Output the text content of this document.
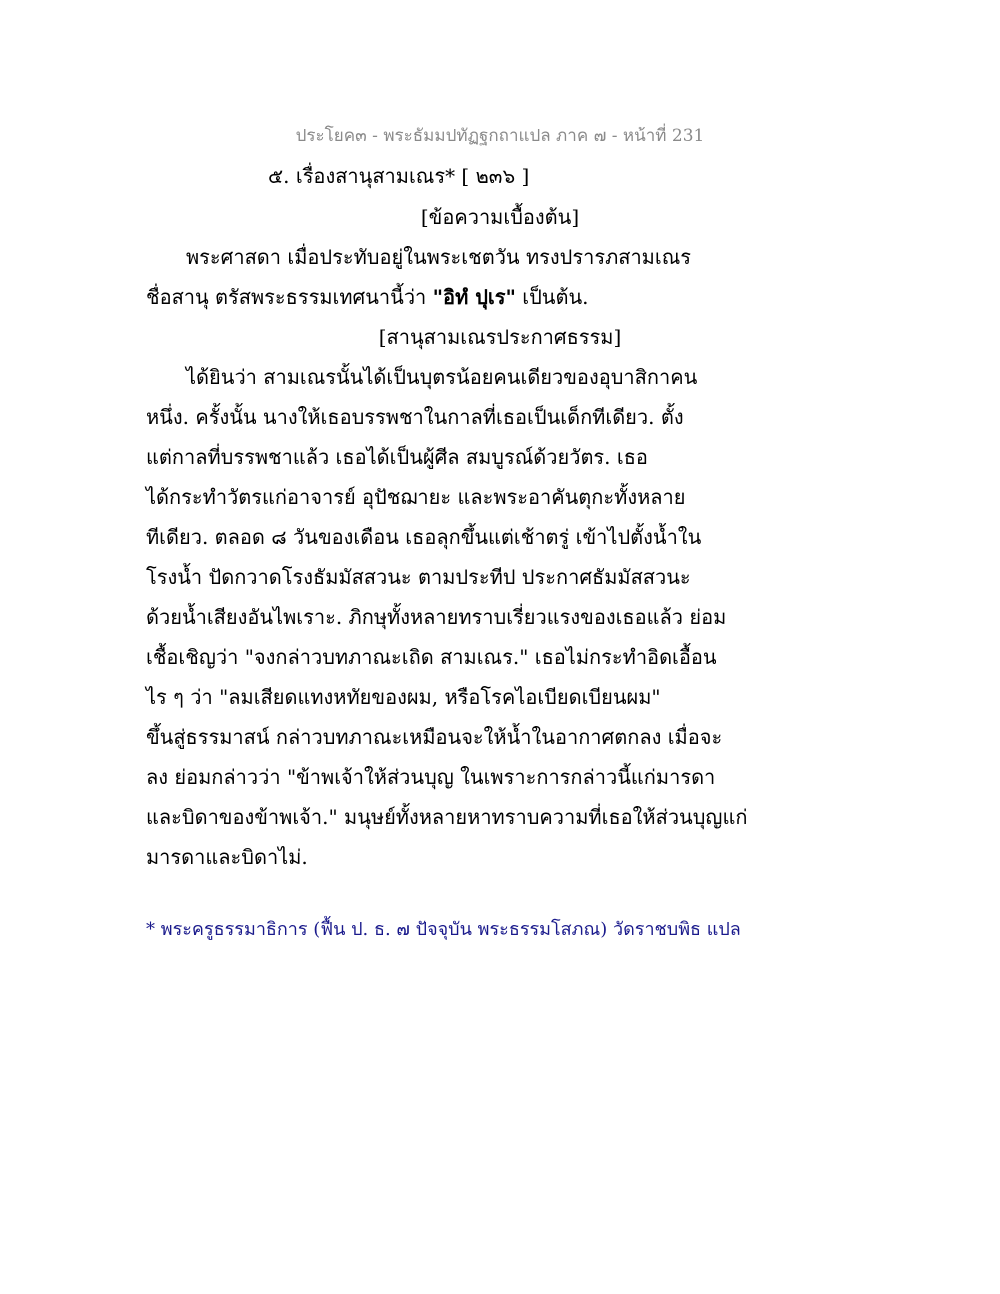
ประโยค๓ - พระธัมมปทัฏฐกถาแปล ภาค ๗ - หน้าที่ 231
๕. เรื่องสานุสามเณร* [ ๒๓๖ ]
[ข้อความเบื้องต้น]
พระศาสดา เมื่อประทับอยู่ในพระเชตวัน ทรงปรารภสามเณร
ชื่อสานุ ตรัสพระธรรมเทศนานี้ว่า "อิทํ ปุเร" เป็นต้น.
[สานุสามเณรประกาศธรรม]
ได้ยินว่า สามเณรนั้นได้เป็นบุตรน้อยคนเดียวของอุบาสิกาคน
หนึ่ง. ครั้งนั้น นางให้เธอบรรพชาในกาลที่เธอเป็นเด็กทีเดียว. ตั้ง
แต่กาลที่บรรพชาแล้ว เธอได้เป็นผู้ศีล สมบูรณ์ด้วยวัตร. เธอ
ได้กระทำวัตรแก่อาจารย์ อุปัชฌายะ และพระอาคันตุกะทั้งหลาย
ทีเดียว. ตลอด ๘ วันของเดือน เธอลุกขึ้นแต่เช้าตรู่ เข้าไปตั้งน้ำใน
โรงน้ำ ปัดกวาดโรงธัมมัสสวนะ ตามประทีป ประกาศธัมมัสสวนะ
ด้วยน้ำเสียงอันไพเราะ. ภิกษุทั้งหลายทราบเรี่ยวแรงของเธอแล้ว ย่อม
เชื้อเชิญว่า "จงกล่าวบทภาณะเถิด สามเณร." เธอไม่กระทำอิดเอื้อน
ไร ๆ ว่า "ลมเสียดแทงหทัยของผม, หรือโรคไอเบียดเบียนผม"
ขึ้นสู่ธรรมาสน์ กล่าวบทภาณะเหมือนจะให้น้ำในอากาศตกลง เมื่อจะ
ลง ย่อมกล่าวว่า "ข้าพเจ้าให้ส่วนบุญ ในเพราะการกล่าวนี้แก่มารดา
และบิดาของข้าพเจ้า." มนุษย์ทั้งหลายหาทราบความที่เธอให้ส่วนบุญแก่
มารดาและบิดาไม่.
* พระครูธรรมาธิการ (ฟื้น ป. ธ. ๗ ปัจจุบัน พระธรรมโสภณ) วัดราชบพิธ แปล
